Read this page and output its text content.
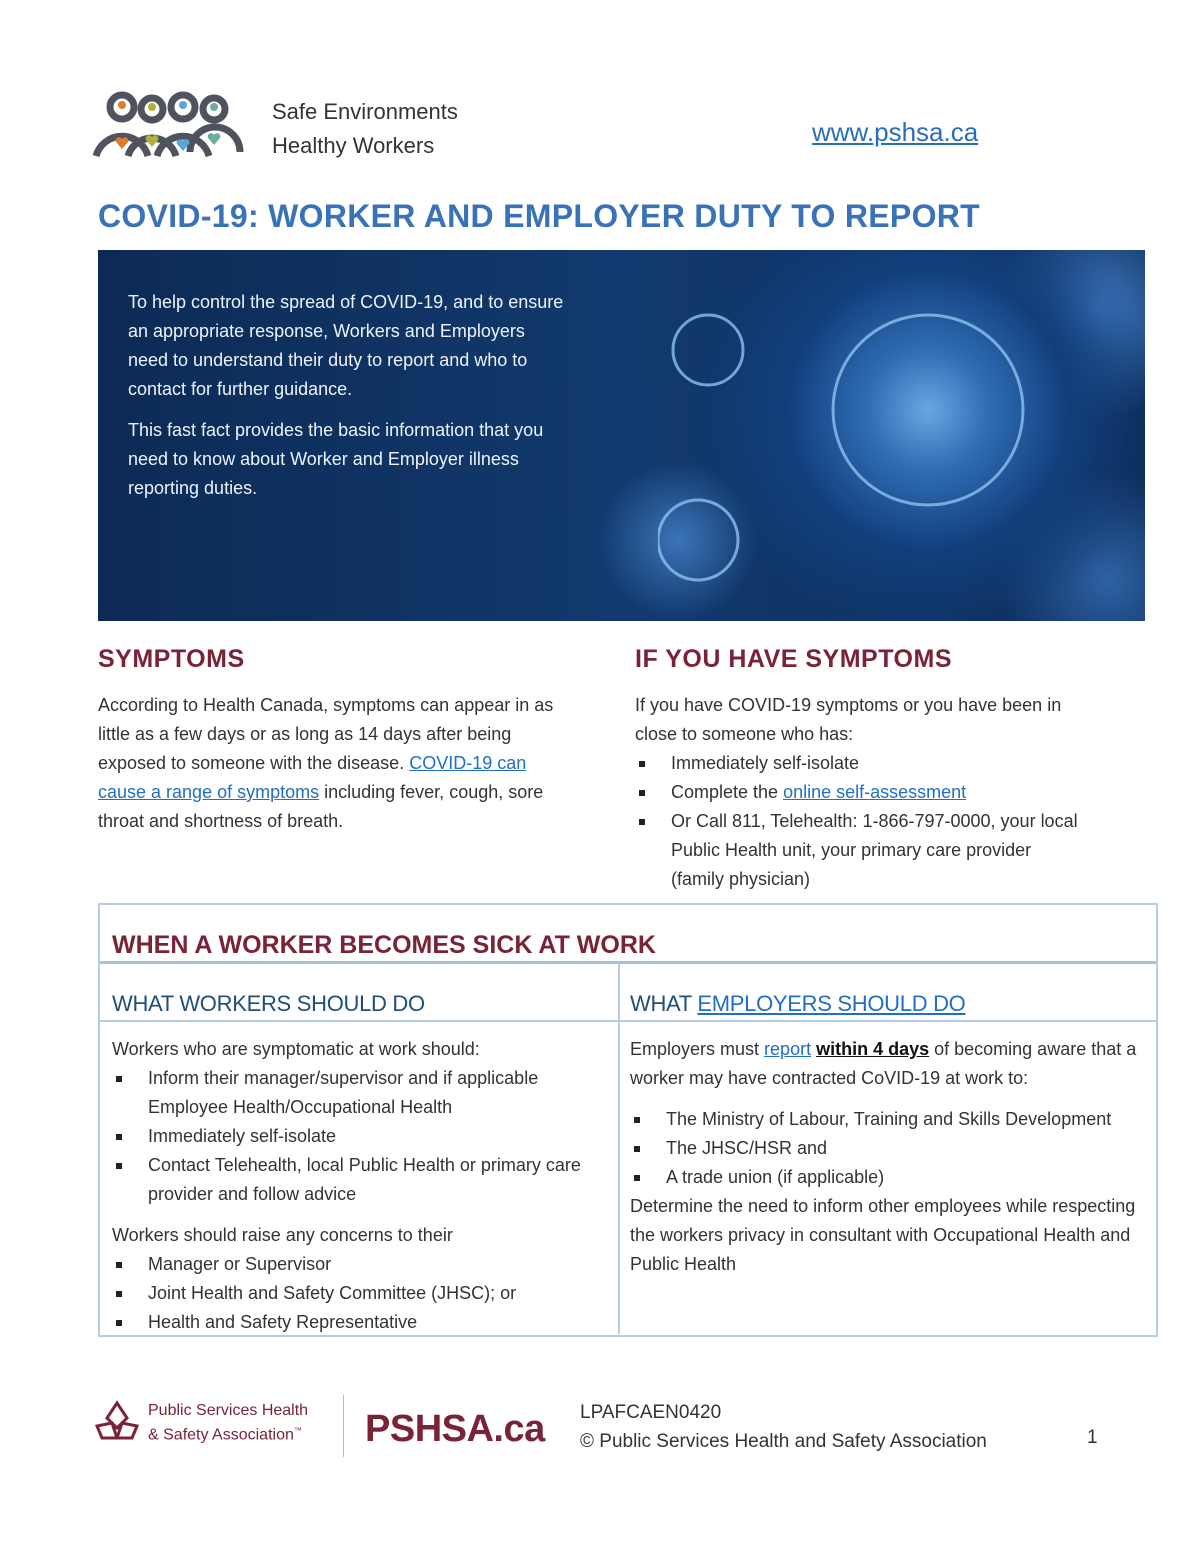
Safe Environments
Healthy Workers	www.pshsa.ca
COVID-19: WORKER AND EMPLOYER DUTY TO REPORT

To help control the spread of COVID-19, and to ensure an appropriate response, Workers and Employers need to understand their duty to report and who to contact for further guidance.

This fast fact provides the basic information that you need to know about Worker and Employer illness reporting duties.

SYMPTOMS

According to Health Canada, symptoms can appear in as little as a few days or as long as 14 days after being exposed to someone with the disease. COVID-19 can cause a range of symptoms including fever, cough, sore throat and shortness of breath.

IF YOU HAVE SYMPTOMS

If you have COVID-19 symptoms or you have been in close to someone who has:

Immediately self-isolate
Complete the online self-assessment
Or Call 811, Telehealth: 1-866-797-0000, your local Public Health unit, your primary care provider (family physician)
WHEN A WORKER BECOMES SICK AT WORK
WHAT WORKERS SHOULD DO

Workers who are symptomatic at work should:

Inform their manager/supervisor and if applicable Employee Health/Occupational Health
Immediately self-isolate
Contact Telehealth, local Public Health or primary care provider and follow advice

Workers should raise any concerns to their

Manager or Supervisor
Joint Health and Safety Committee (JHSC); or
Health and Safety Representative
WHAT EMPLOYERS SHOULD DO

Employers must report within 4 days of becoming aware that a worker may have contracted CoVID-19 at work to:

The Ministry of Labour, Training and Skills Development
The JHSC/HSR and
A trade union (if applicable)

Determine the need to inform other employees while respecting the workers privacy in consultant with Occupational Health and Public Health

Public Services Health
& Safety Association™ PSHSA.ca LPAFCAEN0420
© Public Services Health and Safety Association	1
